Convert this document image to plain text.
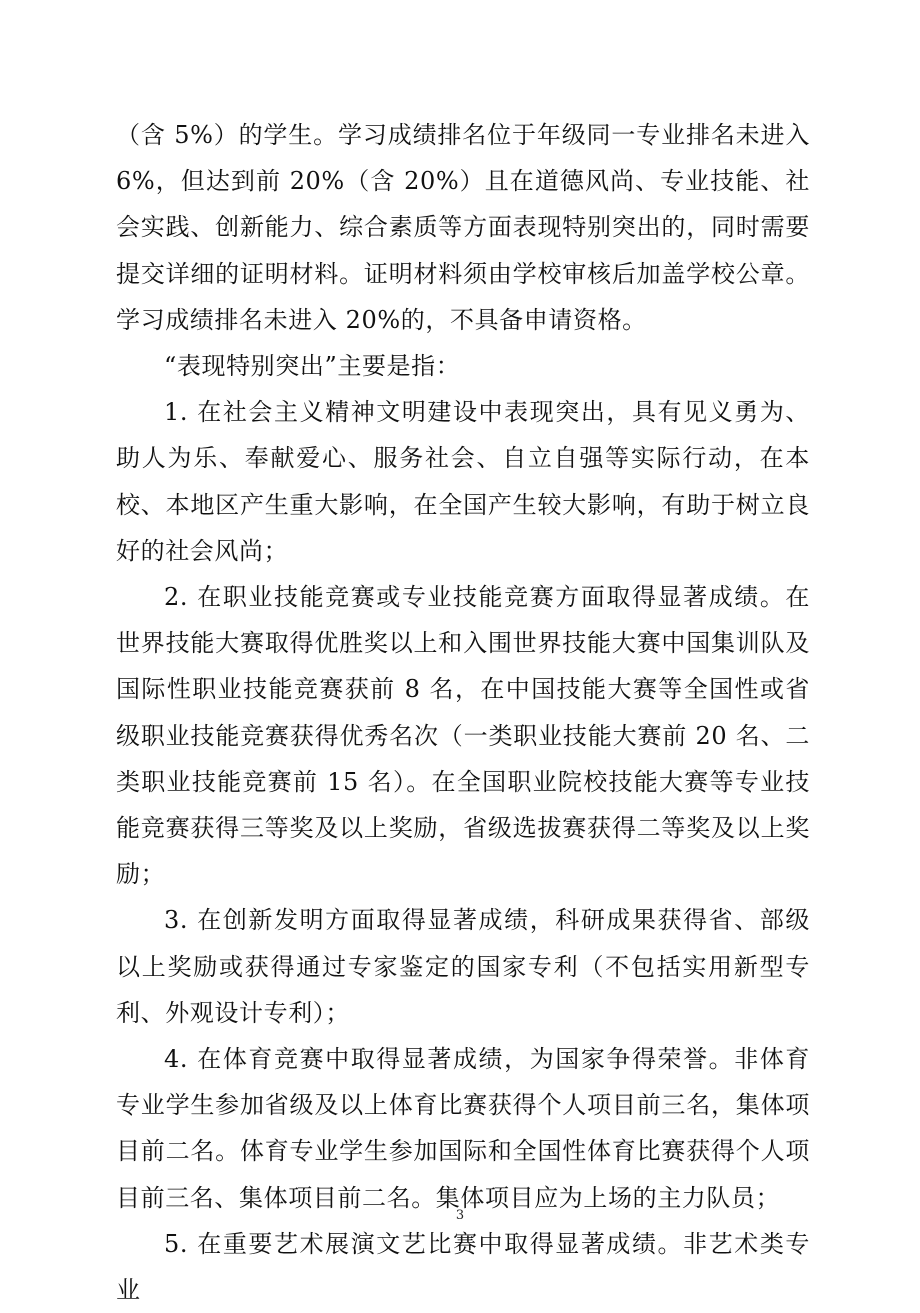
（含 5%）的学生。学习成绩排名位于年级同一专业排名未进入 6%，但达到前 20%（含 20%）且在道德风尚、专业技能、社会实践、创新能力、综合素质等方面表现特别突出的，同时需要提交详细的证明材料。证明材料须由学校审核后加盖学校公章。学习成绩排名未进入 20%的，不具备申请资格。

“表现特别突出”主要是指：

1. 在社会主义精神文明建设中表现突出，具有见义勇为、助人为乐、奉献爱心、服务社会、自立自强等实际行动，在本校、本地区产生重大影响，在全国产生较大影响，有助于树立良好的社会风尚；

2. 在职业技能竞赛或专业技能竞赛方面取得显著成绩。在世界技能大赛取得优胜奖以上和入围世界技能大赛中国集训队及国际性职业技能竞赛获前 8 名，在中国技能大赛等全国性或省级职业技能竞赛获得优秀名次（一类职业技能大赛前 20 名、二类职业技能竞赛前 15 名）。在全国职业院校技能大赛等专业技能竞赛获得三等奖及以上奖励，省级选拔赛获得二等奖及以上奖励；

3. 在创新发明方面取得显著成绩，科研成果获得省、部级以上奖励或获得通过专家鉴定的国家专利（不包括实用新型专利、外观设计专利）；

4. 在体育竞赛中取得显著成绩，为国家争得荣誉。非体育专业学生参加省级及以上体育比赛获得个人项目前三名，集体项目前二名。体育专业学生参加国际和全国性体育比赛获得个人项目前三名、集体项目前二名。集体项目应为上场的主力队员；

5. 在重要艺术展演文艺比赛中取得显著成绩。非艺术类专业

3
